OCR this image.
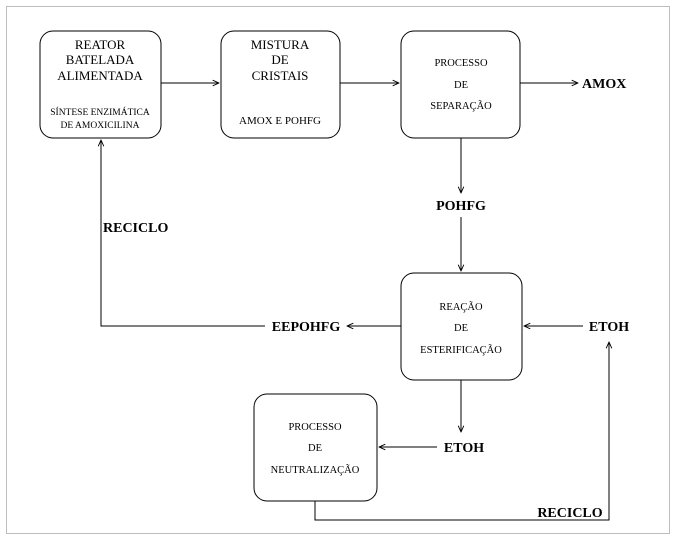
REATOR
BATELADA
ALIMENTADA
SÍNTESE ENZIMÁTICA
DE AMOXICILINA
MISTURA
DE
CRISTAIS
AMOX E POHFG
PROCESSO
DE
SEPARAÇÃO
REAÇÃO
DE
ESTERIFICAÇÃO
PROCESSO
DE
NEUTRALIZAÇÃO
AMOX
POHFG
RECICLO
EEPOHFG	ETOH
ETOH
RECICLO
